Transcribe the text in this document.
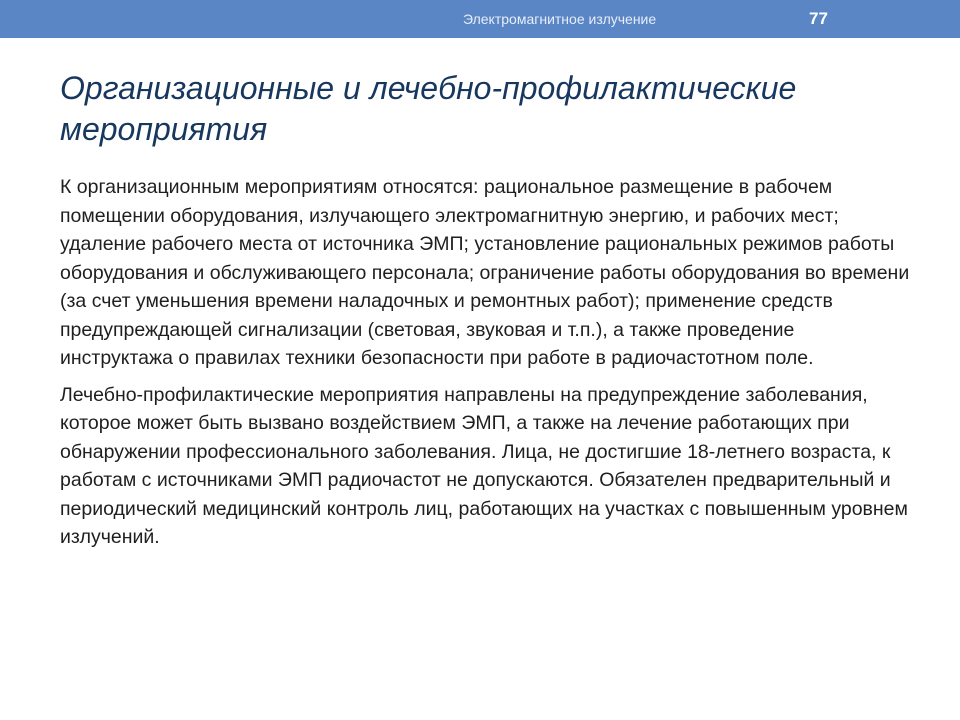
Электромагнитное излучение	77
Организационные и лечебно-профилактические мероприятия

К организационным мероприятиям относятся: рациональное размещение в рабочем помещении оборудования, излучающего электромагнитную энергию, и рабочих мест; удаление рабочего места от источника ЭМП; установление рациональных режимов работы оборудования и обслуживающего персонала; ограничение работы оборудования во времени (за счет уменьшения времени наладочных и ремонтных работ); применение средств предупреждающей сигнализации (световая, звуковая и т.п.), а также проведение инструктажа о правилах техники безопасности при работе в радиочастотном поле.

Лечебно-профилактические мероприятия направлены на предупреждение заболевания, которое может быть вызвано воздействием ЭМП, а также на лечение работающих при обнаружении профессионального заболевания. Лица, не достигшие 18-летнего возраста, к работам с источниками ЭМП радиочастот не допускаются. Обязателен предварительный и периодический медицинский контроль лиц, работающих на участках с повышенным уровнем излучений.
